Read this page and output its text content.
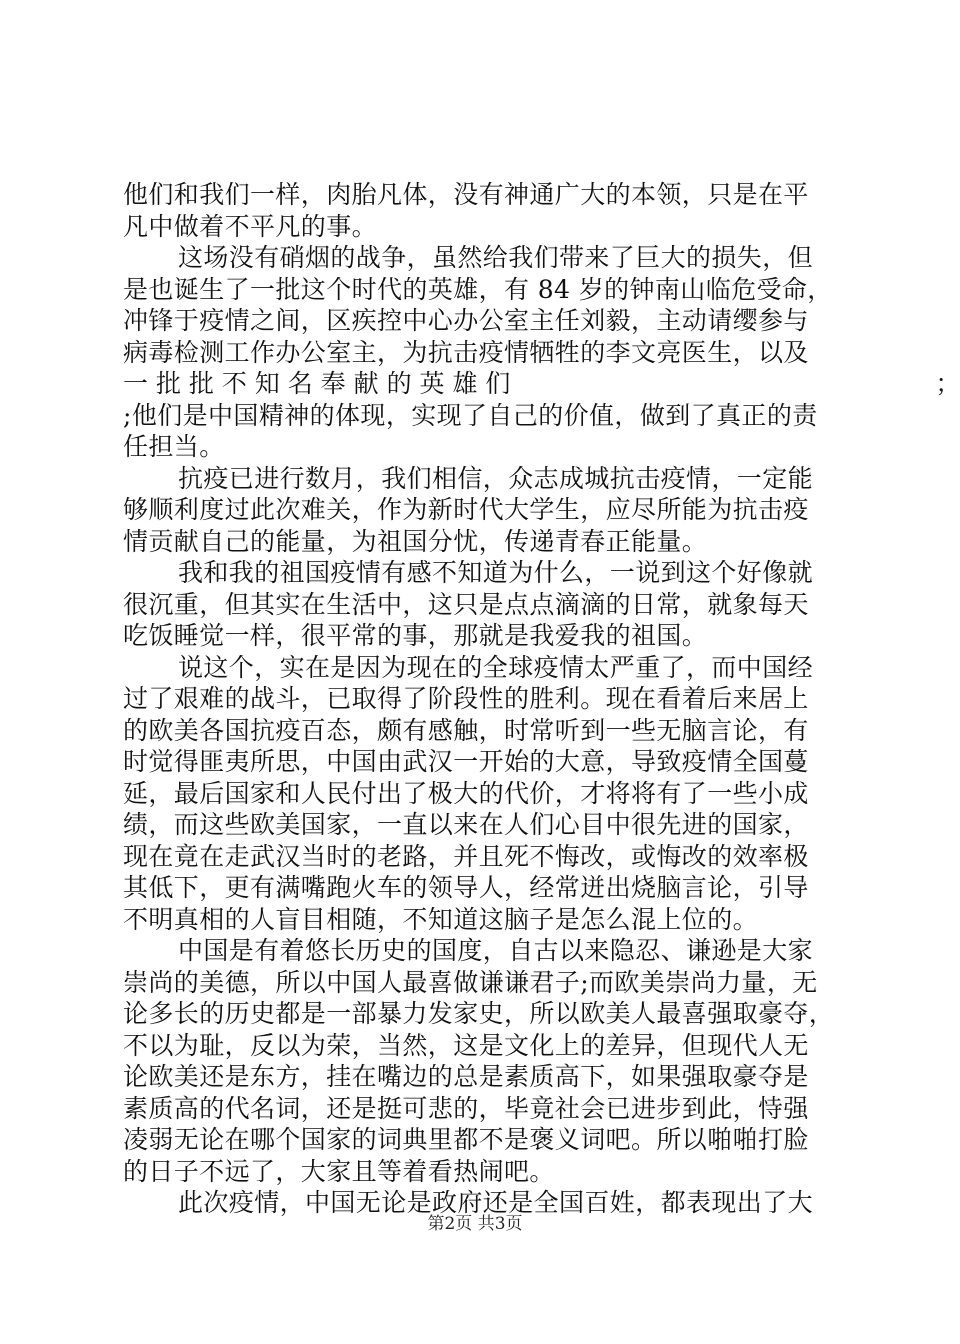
他们和我们一样，肉胎凡体，没有神通广大的本领，只是在平
凡中做着不平凡的事。
这场没有硝烟的战争，虽然给我们带来了巨大的损失，但
是也诞生了一批这个时代的英雄，有 84 岁的钟南山临危受命，
冲锋于疫情之间，区疾控中心办公室主任刘毅，主动请缨参与
病毒检测工作办公室主，为抗击疫情牺牲的李文亮医生，以及
一 批 批 不 知 名 奉 献 的 英 雄 们　　　　　　　　　　　　　　　　　；
;他们是中国精神的体现，实现了自己的价值，做到了真正的责
任担当。
抗疫已进行数月，我们相信，众志成城抗击疫情，一定能
够顺利度过此次难关，作为新时代大学生，应尽所能为抗击疫
情贡献自己的能量，为祖国分忧，传递青春正能量。
我和我的祖国疫情有感不知道为什么，一说到这个好像就
很沉重，但其实在生活中，这只是点点滴滴的日常，就象每天
吃饭睡觉一样，很平常的事，那就是我爱我的祖国。
说这个，实在是因为现在的全球疫情太严重了，而中国经
过了艰难的战斗，已取得了阶段性的胜利。现在看着后来居上
的欧美各国抗疫百态，颇有感触，时常听到一些无脑言论，有
时觉得匪夷所思，中国由武汉一开始的大意，导致疫情全国蔓
延，最后国家和人民付出了极大的代价，才将将有了一些小成
绩，而这些欧美国家，一直以来在人们心目中很先进的国家，
现在竟在走武汉当时的老路，并且死不悔改，或悔改的效率极
其低下，更有满嘴跑火车的领导人，经常迸出烧脑言论，引导
不明真相的人盲目相随，不知道这脑子是怎么混上位的。
中国是有着悠长历史的国度，自古以来隐忍、谦逊是大家
崇尚的美德，所以中国人最喜做谦谦君子;而欧美崇尚力量，无
论多长的历史都是一部暴力发家史，所以欧美人最喜强取豪夺，
不以为耻，反以为荣，当然，这是文化上的差异，但现代人无
论欧美还是东方，挂在嘴边的总是素质高下，如果强取豪夺是
素质高的代名词，还是挺可悲的，毕竟社会已进步到此，恃强
凌弱无论在哪个国家的词典里都不是褒义词吧。所以啪啪打脸
的日子不远了，大家且等着看热闹吧。
此次疫情，中国无论是政府还是全国百姓，都表现出了大
第2页 共3页
